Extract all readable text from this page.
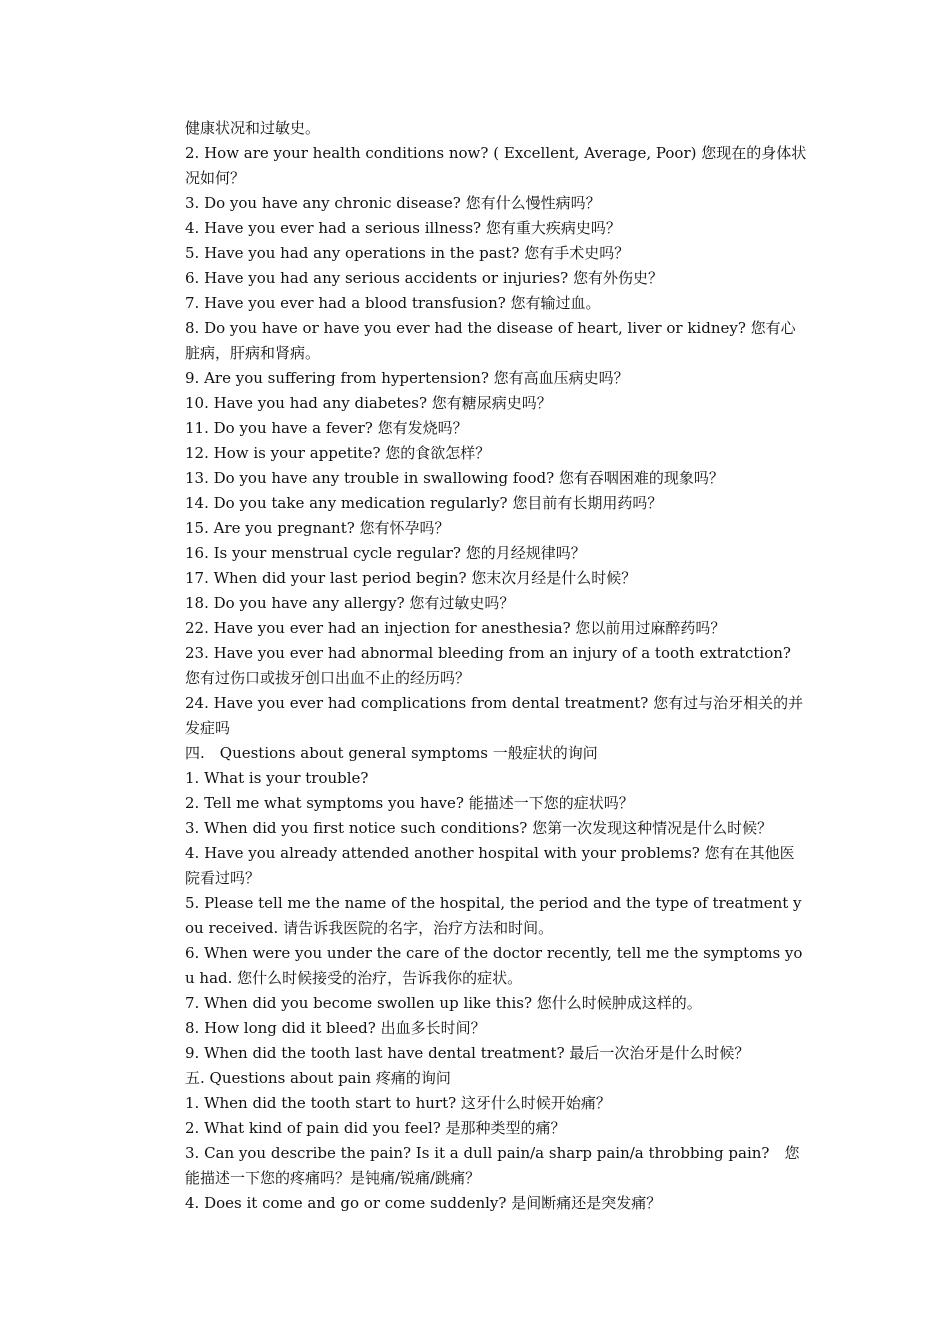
健康状况和过敏史。
2. How are your health conditions now? ( Excellent, Average, Poor) 您现在的身体状况如何？
3. Do you have any chronic disease? 您有什么慢性病吗？
4. Have you ever had a serious illness? 您有重大疾病史吗？
5. Have you had any operations in the past? 您有手术史吗？
6. Have you had any serious accidents or injuries? 您有外伤史？
7. Have you ever had a blood transfusion? 您有输过血。
8. Do you have or have you ever had the disease of heart, liver or kidney? 您有心脏病，肝病和肾病。
9. Are you suffering from hypertension? 您有高血压病史吗？
10. Have you had any diabetes? 您有糖尿病史吗？
11. Do you have a fever? 您有发烧吗？
12. How is your appetite? 您的食欲怎样？
13. Do you have any trouble in swallowing food? 您有吞咽困难的现象吗？
14. Do you take any medication regularly? 您目前有长期用药吗？
15. Are you pregnant? 您有怀孕吗？
16. Is your menstrual cycle regular? 您的月经规律吗？
17. When did your last period begin? 您末次月经是什么时候？
18. Do you have any allergy? 您有过敏史吗？
22. Have you ever had an injection for anesthesia? 您以前用过麻醉药吗？
23. Have you ever had abnormal bleeding from an injury of a tooth extratction? 您有过伤口或拔牙创口出血不止的经历吗？
24. Have you ever had complications from dental treatment? 您有过与治牙相关的并发症吗
四.　Questions about general symptoms 一般症状的询问
1. What is your trouble?
2. Tell me what symptoms you have? 能描述一下您的症状吗？
3. When did you first notice such conditions? 您第一次发现这种情况是什么时候？
4. Have you already attended another hospital with your problems? 您有在其他医院看过吗？
5. Please tell me the name of the hospital, the period and the type of treatment you received. 请告诉我医院的名字，治疗方法和时间。
6. When were you under the care of the doctor recently, tell me the symptoms you had. 您什么时候接受的治疗，告诉我你的症状。
7. When did you become swollen up like this? 您什么时候肿成这样的。
8. How long did it bleed? 出血多长时间？
9. When did the tooth last have dental treatment? 最后一次治牙是什么时候？
五. Questions about pain 疼痛的询问
1. When did the tooth start to hurt? 这牙什么时候开始痛？
2. What kind of pain did you feel? 是那种类型的痛？
3. Can you describe the pain? Is it a dull pain/a sharp pain/a throbbing pain?　您能描述一下您的疼痛吗？是钝痛/锐痛/跳痛？
4. Does it come and go or come suddenly? 是间断痛还是突发痛？
